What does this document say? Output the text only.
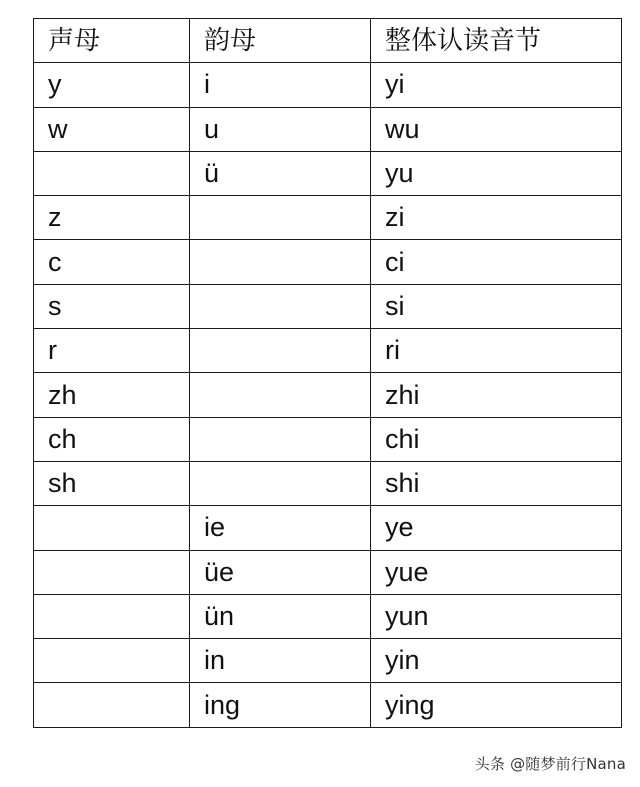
声母	韵母	整体认读音节
y	i	yi
w	u	wu
	ü	yu
z		zi
c		ci
s		si
r		ri
zh		zhi
ch		chi
sh		shi
	ie	ye
	üe	yue
	ün	yun
	in	yin
	ing	ying
头条 @随梦前行Nana
